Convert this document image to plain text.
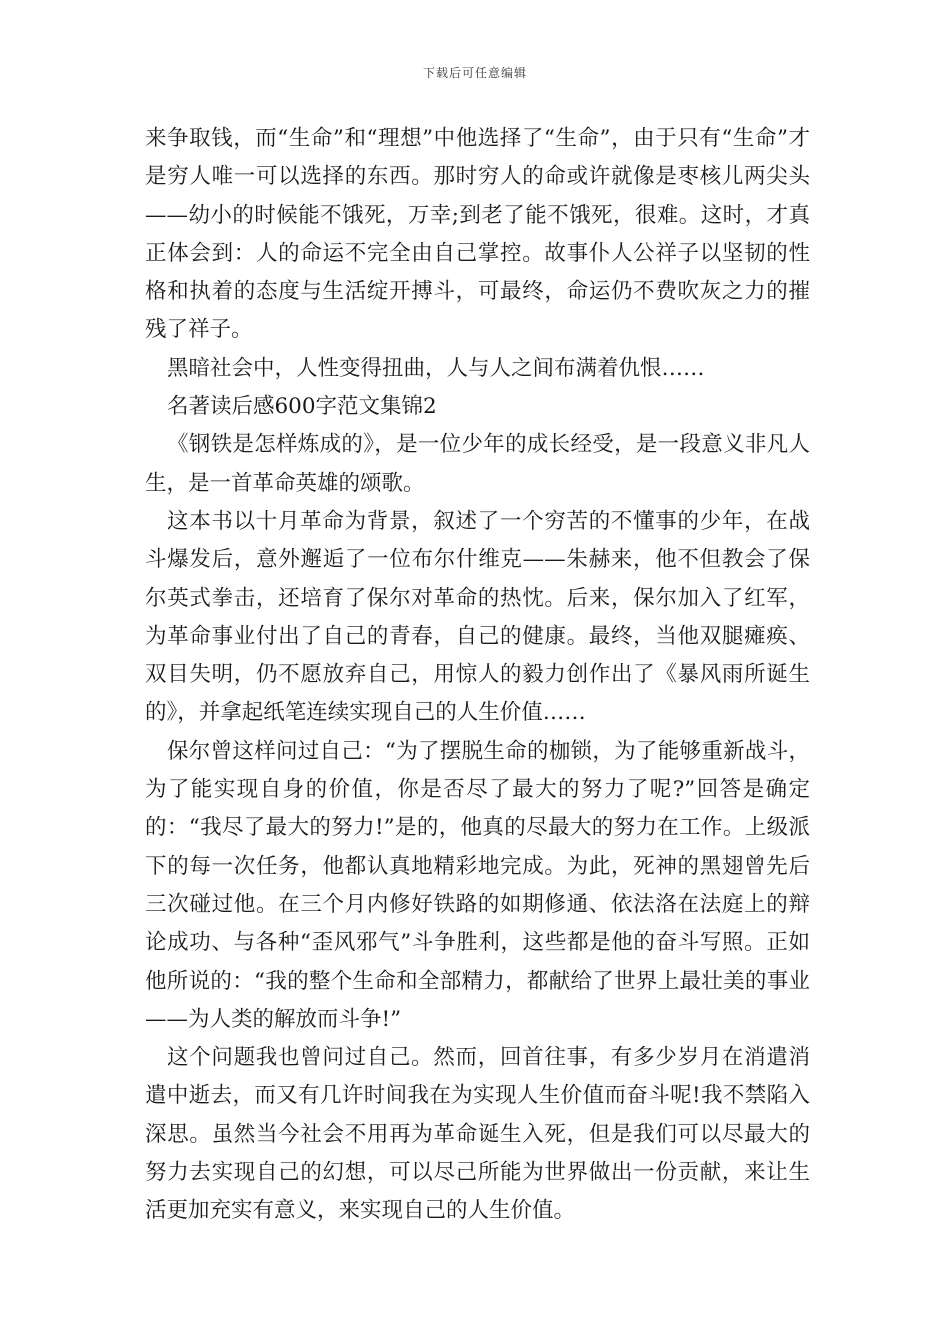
下载后可任意编辑

来争取钱，而“生命”和“理想”中他选择了“生命”，由于只有“生命”才是穷人唯一可以选择的东西。那时穷人的命或许就像是枣核儿两尖头——幼小的时候能不饿死，万幸;到老了能不饿死，很难。这时，才真正体会到：人的命运不完全由自己掌控。故事仆人公祥子以坚韧的性格和执着的态度与生活绽开搏斗，可最终，命运仍不费吹灰之力的摧残了祥子。

黑暗社会中，人性变得扭曲，人与人之间布满着仇恨……

名著读后感600字范文集锦2

《钢铁是怎样炼成的》，是一位少年的成长经受，是一段意义非凡人生，是一首革命英雄的颂歌。

这本书以十月革命为背景，叙述了一个穷苦的不懂事的少年，在战斗爆发后，意外邂逅了一位布尔什维克——朱赫来，他不但教会了保尔英式拳击，还培育了保尔对革命的热忱。后来，保尔加入了红军，为革命事业付出了自己的青春，自己的健康。最终，当他双腿瘫痪、双目失明，仍不愿放弃自己，用惊人的毅力创作出了《暴风雨所诞生的》，并拿起纸笔连续实现自己的人生价值……

保尔曾这样问过自己：“为了摆脱生命的枷锁，为了能够重新战斗，为了能实现自身的价值，你是否尽了最大的努力了呢?”回答是确定的：“我尽了最大的努力!”是的，他真的尽最大的努力在工作。上级派下的每一次任务，他都认真地精彩地完成。为此，死神的黑翅曾先后三次碰过他。在三个月内修好铁路的如期修通、依法洛在法庭上的辩论成功、与各种“歪风邪气”斗争胜利，这些都是他的奋斗写照。正如他所说的：“我的整个生命和全部精力，都献给了世界上最壮美的事业——为人类的解放而斗争!”

这个问题我也曾问过自己。然而，回首往事，有多少岁月在消遣消遣中逝去，而又有几许时间我在为实现人生价值而奋斗呢!我不禁陷入深思。虽然当今社会不用再为革命诞生入死，但是我们可以尽最大的努力去实现自己的幻想，可以尽己所能为世界做出一份贡献，来让生活更加充实有意义，来实现自己的人生价值。
